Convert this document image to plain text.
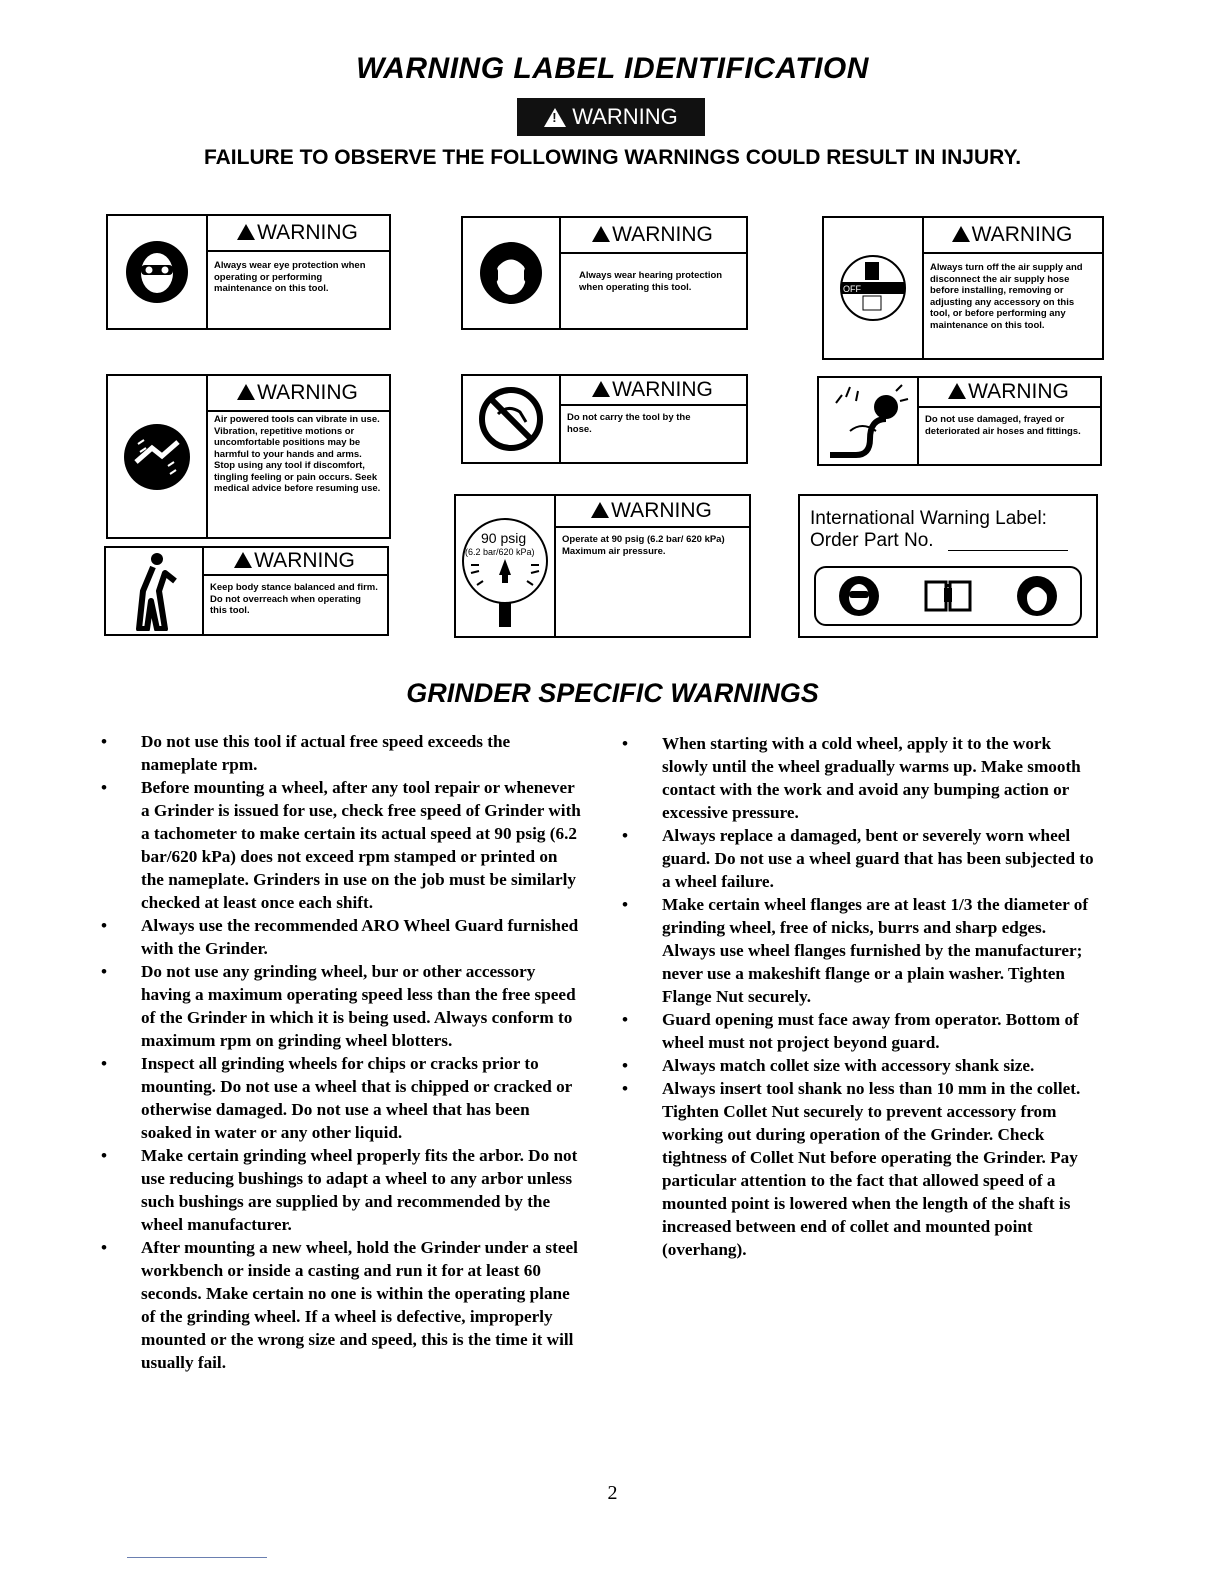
WARNING LABEL IDENTIFICATION
! WARNING
FAILURE TO OBSERVE THE FOLLOWING WARNINGS COULD RESULT IN INJURY.
WARNING
Always wear eye protection when operating or performing maintenance on this tool.
WARNING
Always wear hearing protection when operating this tool.	OFF
WARNING
Always turn off the air supply and disconnect the air supply hose before installing, removing or adjusting any accessory on this tool, or before performing any maintenance on this tool.
WARNING
Air powered tools can vibrate in use. Vibration, repetitive motions or uncomfortable positions may be harmful to your hands and arms. Stop using any tool if discomfort, tingling feeling or pain occurs. Seek medical advice before resuming use.
WARNING
Keep body stance balanced and firm. Do not overreach when operating this tool.
WARNING
Do not carry the tool by the hose.
WARNING
Do not use damaged, frayed or deteriorated air hoses and fittings.
90 psig
(6.2 bar/620 kPa)
WARNING
Operate at 90 psig (6.2 bar/ 620 kPa) Maximum air pressure.
International Warning Label:
Order Part No.
GRINDER SPECIFIC WARNINGS
• Do not use this tool if actual free speed exceeds the nameplate rpm.
• Before mounting a wheel, after any tool repair or whenever a Grinder is issued for use, check free speed of Grinder with a tachometer to make certain its actual speed at 90 psig (6.2 bar/620 kPa) does not exceed rpm stamped or printed on the nameplate. Grinders in use on the job must be similarly checked at least once each shift.
• Always use the recommended ARO Wheel Guard furnished with the Grinder.
• Do not use any grinding wheel, bur or other accessory having a maximum operating speed less than the free speed of the Grinder in which it is being used. Always conform to maximum rpm on grinding wheel blotters.
• Inspect all grinding wheels for chips or cracks prior to mounting. Do not use a wheel that is chipped or cracked or otherwise damaged. Do not use a wheel that has been soaked in water or any other liquid.
• Make certain grinding wheel properly fits the arbor. Do not use reducing bushings to adapt a wheel to any arbor unless such bushings are supplied by and recommended by the wheel manufacturer.
• After mounting a new wheel, hold the Grinder under a steel workbench or inside a casting and run it for at least 60 seconds. Make certain no one is within the operating plane of the grinding wheel. If a wheel is defective, improperly mounted or the wrong size and speed, this is the time it will usually fail.
• When starting with a cold wheel, apply it to the work slowly until the wheel gradually warms up. Make smooth contact with the work and avoid any bumping action or excessive pressure.
• Always replace a damaged, bent or severely worn wheel guard. Do not use a wheel guard that has been subjected to a wheel failure.
• Make certain wheel flanges are at least 1/3 the diameter of grinding wheel, free of nicks, burrs and sharp edges. Always use wheel flanges furnished by the manufacturer; never use a makeshift flange or a plain washer. Tighten Flange Nut securely.
• Guard opening must face away from operator. Bottom of wheel must not project beyond guard.
• Always match collet size with accessory shank size.
• Always insert tool shank no less than 10 mm in the collet. Tighten Collet Nut securely to prevent accessory from working out during operation of the Grinder. Check tightness of Collet Nut before operating the Grinder. Pay particular attention to the fact that allowed speed of a mounted point is lowered when the length of the shaft is increased between end of collet and mounted point (overhang).
2
